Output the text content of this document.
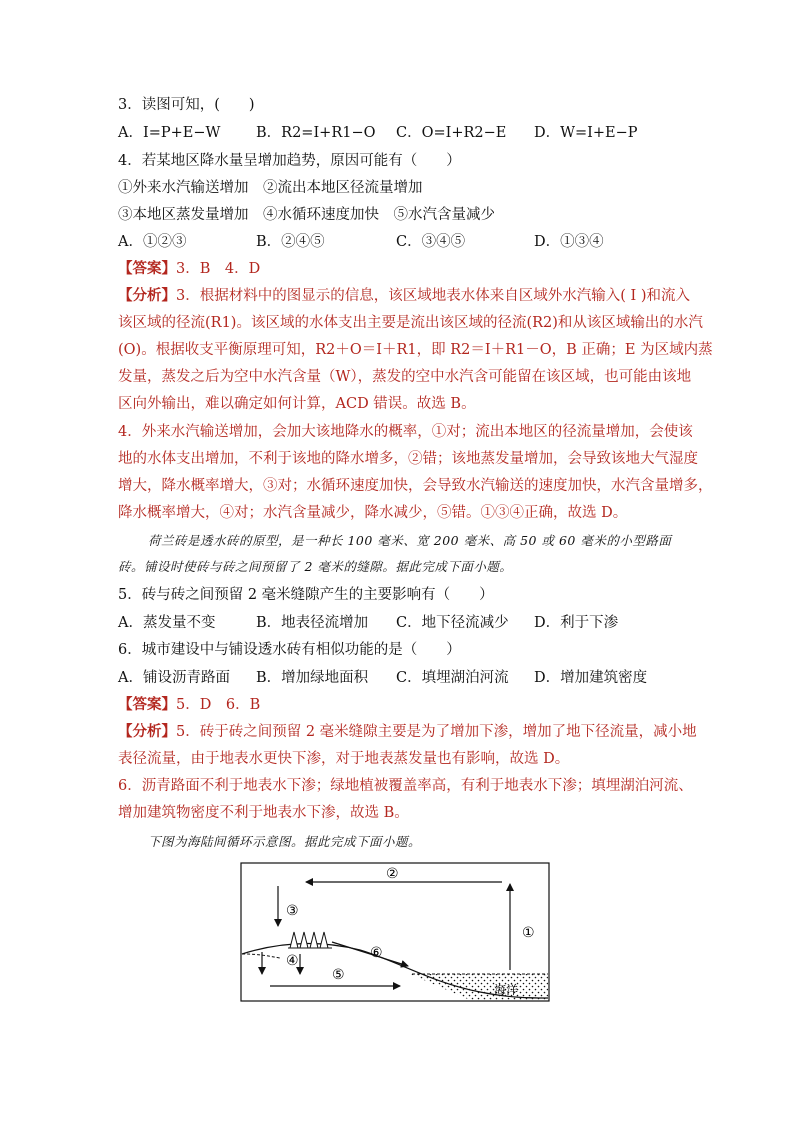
3．读图可知，(　　)
A．I=P+E−W B．R2=I+R1−O C．O=I+R2−E D．W=I+E−P
4．若某地区降水量呈增加趋势，原因可能有（　　）
①外来水汽输送增加　②流出本地区径流量增加
③本地区蒸发量增加　④水循环速度加快　⑤水汽含量减少
A．①②③	B．②④⑤	C．③④⑤	D．①③④
【答案】3．B　4．D
【分析】3．根据材料中的图显示的信息，该区域地表水体来自区域外水汽输入( I )和流入
该区域的径流(R1)。该区域的水体支出主要是流出该区域的径流(R2)和从该区域输出的水汽
(O)。根据收支平衡原理可知，R2＋O＝I＋R1，即 R2＝I＋R1－O，B 正确；E 为区域内蒸
发量，蒸发之后为空中水汽含量（W），蒸发的空中水汽含可能留在该区域，也可能由该地
区向外输出，难以确定如何计算，ACD 错误。故选 B。
4．外来水汽输送增加，会加大该地降水的概率，①对；流出本地区的径流量增加，会使该
地的水体支出增加，不利于该地的降水增多，②错；该地蒸发量增加，会导致该地大气湿度
增大，降水概率增大，③对；水循环速度加快，会导致水汽输送的速度加快，水汽含量增多，
降水概率增大，④对；水汽含量减少，降水减少，⑤错。①③④正确，故选 D。
荷兰砖是透水砖的原型，是一种长 100 毫米、宽 200 毫米、高 50 或 60 毫米的小型路面
砖。铺设时使砖与砖之间预留了 2 毫米的缝隙。据此完成下面小题。
5．砖与砖之间预留 2 毫米缝隙产生的主要影响有（　　）
A．蒸发量不变	B．地表径流增加 C．地下径流减少 D．利于下渗
6．城市建设中与铺设透水砖有相似功能的是（　　）
A．铺设沥青路面 B．增加绿地面积 C．填埋湖泊河流 D．增加建筑密度
【答案】5．D　6．B
【分析】5．砖于砖之间预留 2 毫米缝隙主要是为了增加下渗，增加了地下径流量，减小地
表径流量，由于地表水更快下渗，对于地表蒸发量也有影响，故选 D。
6．沥青路面不利于地表水下渗；绿地植被覆盖率高，有利于地表水下渗；填埋湖泊河流、
增加建筑物密度不利于地表水下渗，故选 B。
下图为海陆间循环示意图。据此完成下面小题。
①
②
③
④
⑤
⑥
海洋
